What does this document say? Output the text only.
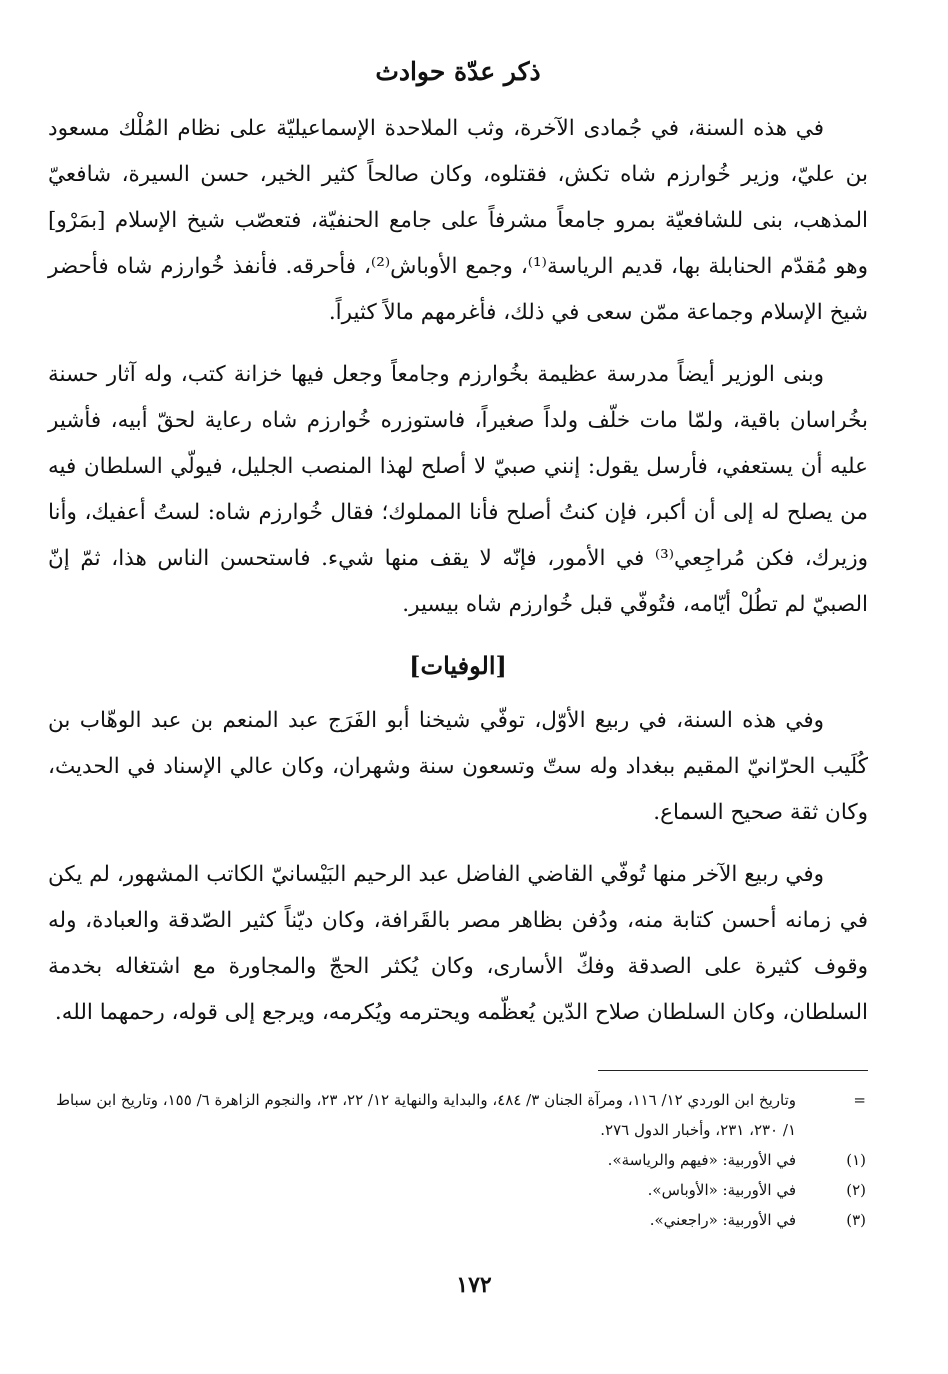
ذكر عدّة حوادث

في هذه السنة، في جُمادى الآخرة، وثب الملاحدة الإسماعيليّة على نظام المُلْك مسعود بن عليّ، وزير خُوارزم شاه تكش، فقتلوه، وكان صالحاً كثير الخير، حسن السيرة، شافعيّ المذهب، بنى للشافعيّة بمرو جامعاً مشرفاً على جامع الحنفيّة، فتعصّب شيخ الإسلام [بمَرْو] وهو مُقدّم الحنابلة بها، قديم الرياسة⁽¹⁾، وجمع الأوباش⁽²⁾، فأحرقه. فأنفذ خُوارزم شاه فأحضر شيخ الإسلام وجماعة ممّن سعى في ذلك، فأغرمهم مالاً كثيراً.

وبنى الوزير أيضاً مدرسة عظيمة بخُوارزم وجامعاً وجعل فيها خزانة كتب، وله آثار حسنة بخُراسان باقية، ولمّا مات خلّف ولداً صغيراً، فاستوزره خُوارزم شاه رعاية لحقّ أبيه، فأشير عليه أن يستعفي، فأرسل يقول: إنني صبيّ لا أصلح لهذا المنصب الجليل، فيولّي السلطان فيه من يصلح له إلى أن أكبر، فإن كنتُ أصلح فأنا المملوك؛ فقال خُوارزم شاه: لستُ أعفيك، وأنا وزيرك، فكن مُراجِعي⁽³⁾ في الأمور، فإنّه لا يقف منها شيء. فاستحسن الناس هذا، ثمّ إنّ الصبيّ لم تطُلْ أيّامه، فتُوفّي قبل خُوارزم شاه بيسير.

[الوفيات]

وفي هذه السنة، في ربيع الأوّل، توفّي شيخنا أبو الفَرَج عبد المنعم بن عبد الوهّاب بن كُلَيب الحرّانيّ المقيم ببغداد وله ستّ وتسعون سنة وشهران، وكان عالي الإسناد في الحديث، وكان ثقة صحيح السماع.

وفي ربيع الآخر منها تُوفّي القاضي الفاضل عبد الرحيم البَيْسانيّ الكاتب المشهور، لم يكن في زمانه أحسن كتابة منه، ودُفن بظاهر مصر بالقَرافة، وكان ديّناً كثير الصّدقة والعبادة، وله وقوف كثيرة على الصدقة وفكّ الأسارى، وكان يُكثر الحجّ والمجاورة مع اشتغاله بخدمة السلطان، وكان السلطان صلاح الدّين يُعظّمه ويحترمه ويُكرمه، ويرجع إلى قوله، رحمهما الله.

=
وتاريخ ابن الوردي ١٢/ ١١٦، ومرآة الجنان ٣/ ٤٨٤، والبداية والنهاية ١٢/ ٢٢، ٢٣، والنجوم الزاهرة ٦/ ١٥٥، وتاريخ ابن سباط ١/ ٢٣٠، ٢٣١، وأخبار الدول ٢٧٦.
(١)
في الأوربية: «فيهم والرياسة».
(٢)
في الأوربية: «الأوباس».
(٣)
في الأوربية: «راجعني».
١٧٢
